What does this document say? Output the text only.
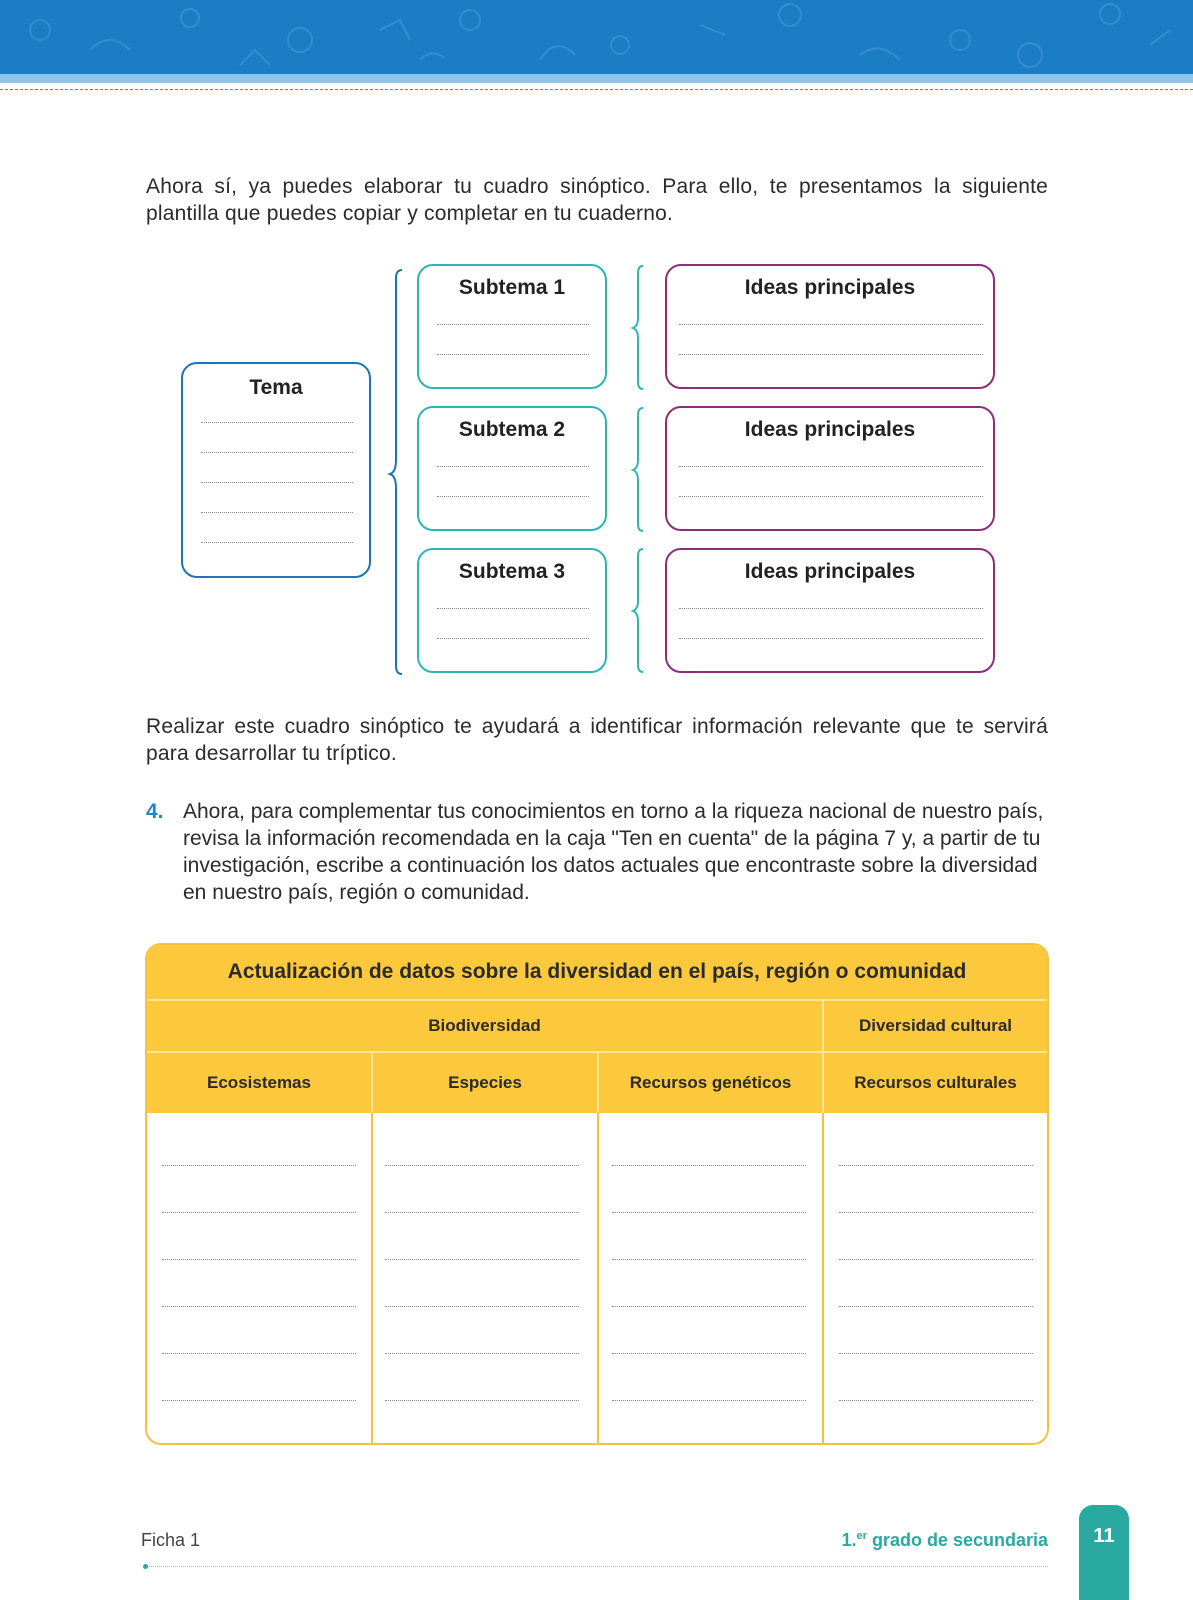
Ahora sí, ya puedes elaborar tu cuadro sinóptico. Para ello, te presentamos la siguiente plantilla que puedes copiar y completar en tu cuaderno.

Tema
Subtema 1
Subtema 2
Subtema 3
Ideas principales
Ideas principales
Ideas principales

Realizar este cuadro sinóptico te ayudará a identificar información relevante que te servirá para desarrollar tu tríptico.

4. Ahora, para complementar tus conocimientos en torno a la riqueza nacional de nuestro país, revisa la información recomendada en la caja "Ten en cuenta" de la página 7 y, a partir de tu investigación, escribe a continuación los datos actuales que encontraste sobre la diversidad en nuestro país, región o comunidad.
Actualización de datos sobre la diversidad en el país, región o comunidad
Biodiversidad	Diversidad cultural
Ecosistemas	Especies	Recursos genéticos	Recursos culturales
Ficha 1	1.$^{er}$ grado de secundaria	11
